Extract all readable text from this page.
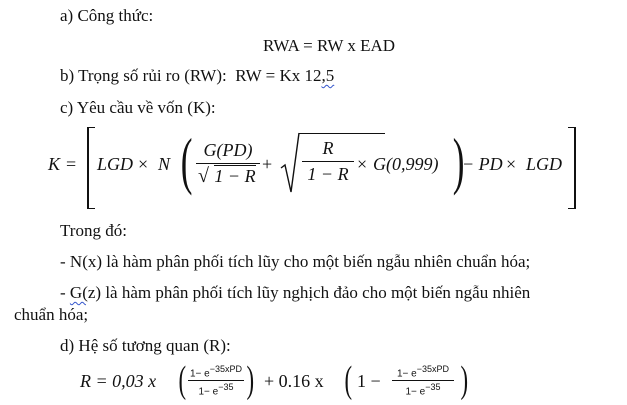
a) Công thức:
RWA = RW x EAD
b) Trọng số rủi ro (RW): RW = Kx 12,5
c) Yêu cầu về vốn (K):
K = LGD × N ( $\frac{G(PD)}{√ 1 - R} + \frac{R}{1 - R} \times G(0,999)$ )
− PD × LGD
Trong đó:
- N(x) là hàm phân phối tích lũy cho một biến ngẫu nhiên chuẩn hóa;
- G(z) là hàm phân phối tích lũy nghịch đảo cho một biến ngẫu nhiên
chuẩn hóa;
d) Hệ số tương quan (R):
R = 0,03 x ( 1− e−35xPD
1− e−35 ) + 0.16 x ( 1 −	1− e−35xPD
1− e−35 )
